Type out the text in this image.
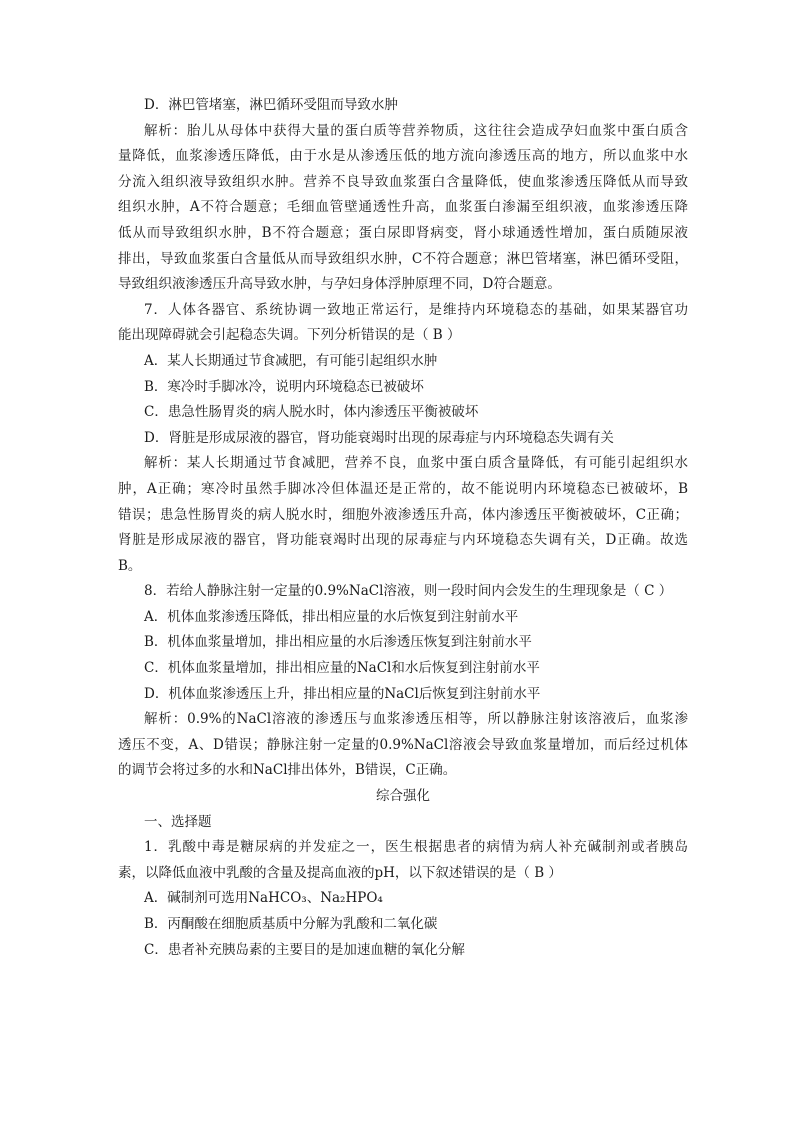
D．淋巴管堵塞，淋巴循环受阻而导致水肿
解析：胎儿从母体中获得大量的蛋白质等营养物质，这往往会造成孕妇血浆中蛋白质含
量降低，血浆渗透压降低，由于水是从渗透压低的地方流向渗透压高的地方，所以血浆中水
分流入组织液导致组织水肿。营养不良导致血浆蛋白含量降低，使血浆渗透压降低从而导致
组织水肿，A不符合题意；毛细血管壁通透性升高，血浆蛋白渗漏至组织液，血浆渗透压降
低从而导致组织水肿，B不符合题意；蛋白尿即肾病变，肾小球通透性增加，蛋白质随尿液
排出，导致血浆蛋白含量低从而导致组织水肿，C不符合题意；淋巴管堵塞，淋巴循环受阻，
导致组织液渗透压升高导致水肿，与孕妇身体浮肿原理不同，D符合题意。
7．人体各器官、系统协调一致地正常运行，是维持内环境稳态的基础，如果某器官功
能出现障碍就会引起稳态失调。下列分析错误的是（ B ）
A．某人长期通过节食减肥，有可能引起组织水肿
B．寒冷时手脚冰冷，说明内环境稳态已被破坏
C．患急性肠胃炎的病人脱水时，体内渗透压平衡被破坏
D．肾脏是形成尿液的器官，肾功能衰竭时出现的尿毒症与内环境稳态失调有关
解析：某人长期通过节食减肥，营养不良，血浆中蛋白质含量降低，有可能引起组织水
肿，A正确；寒冷时虽然手脚冰冷但体温还是正常的，故不能说明内环境稳态已被破坏，B
错误；患急性肠胃炎的病人脱水时，细胞外液渗透压升高，体内渗透压平衡被破坏，C正确；
肾脏是形成尿液的器官，肾功能衰竭时出现的尿毒症与内环境稳态失调有关，D正确。故选
B。
8．若给人静脉注射一定量的0.9%NaCl溶液，则一段时间内会发生的生理现象是（ C ）
A．机体血浆渗透压降低，排出相应量的水后恢复到注射前水平
B．机体血浆量增加，排出相应量的水后渗透压恢复到注射前水平
C．机体血浆量增加，排出相应量的NaCl和水后恢复到注射前水平
D．机体血浆渗透压上升，排出相应量的NaCl后恢复到注射前水平
解析：0.9%的NaCl溶液的渗透压与血浆渗透压相等，所以静脉注射该溶液后，血浆渗
透压不变，A、D错误；静脉注射一定量的0.9%NaCl溶液会导致血浆量增加，而后经过机体
的调节会将过多的水和NaCl排出体外，B错误，C正确。
综合强化
一、选择题
1．乳酸中毒是糖尿病的并发症之一，医生根据患者的病情为病人补充碱制剂或者胰岛
素，以降低血液中乳酸的含量及提高血液的pH，以下叙述错误的是（ B ）
A．碱制剂可选用NaHCO₃、Na₂HPO₄
B．丙酮酸在细胞质基质中分解为乳酸和二氧化碳
C．患者补充胰岛素的主要目的是加速血糖的氧化分解
